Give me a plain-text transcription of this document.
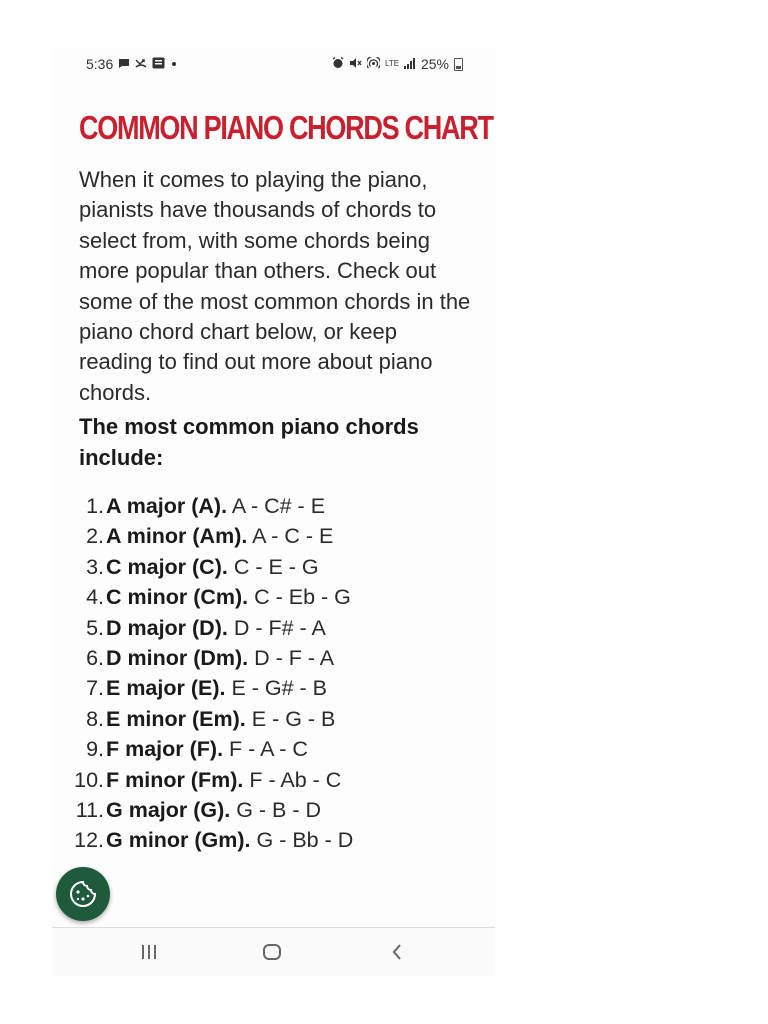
5:36	LTE 25%
COMMON PIANO CHORDS CHART
When it comes to playing the piano, pianists have thousands of chords to select from, with some chords being more popular than others. Check out some of the most common chords in the piano chord chart below, or keep reading to find out more about piano chords.
The most common piano chords include:
1. A major (A). A - C# - E
2. A minor (Am). A - C - E
3. C major (C). C - E - G
4. C minor (Cm). C - Eb - G
5. D major (D). D - F# - A
6. D minor (Dm). D - F - A
7. E major (E). E - G# - B
8. E minor (Em). E - G - B
9. F major (F). F - A - C
10. F minor (Fm). F - Ab - C
11. G major (G). G - B - D
12. G minor (Gm). G - Bb - D
